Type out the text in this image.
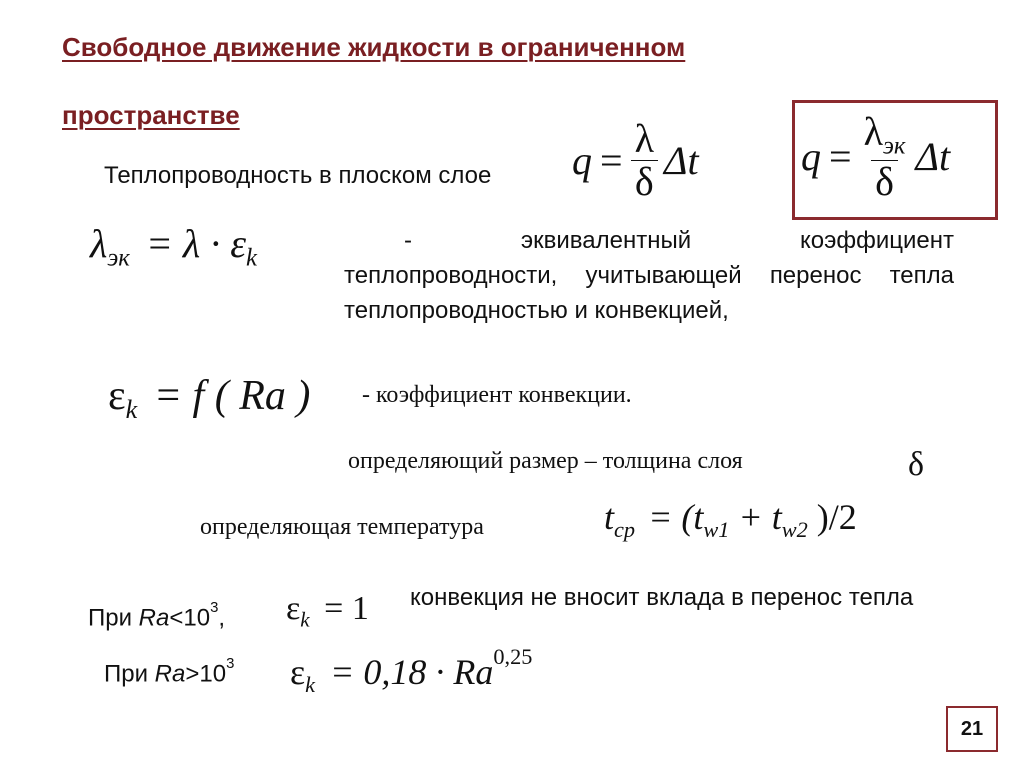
Свободное движение жидкости в ограниченном
пространстве
Теплопроводность в плоском слое $q = \frac{\lambda}{\delta}$ Δt	$q = \frac{\lambda_{эк}}{\delta}$ Δt
$\lambda_{эк} = \lambda \cdot \varepsilon_k$
- эквивалентный коэффициент теплопроводности, учитывающей перенос тепла теплопроводностью и конвекцией,
$\varepsilon_k = f$ ( Ra ) - коэффициент конвекции.
определяющий размер – толщина слоя	δ
определяющая температура	$t_{cp} = (t_{w1} + t_{w2}$ )/2
При $Ra<10^3$, $\varepsilon_k = 1$ конвекция не вносит вклада в перенос тепла
При $Ra>10^3$ $\varepsilon_k = 0,18 \cdot Ra^{0,25}$
21
